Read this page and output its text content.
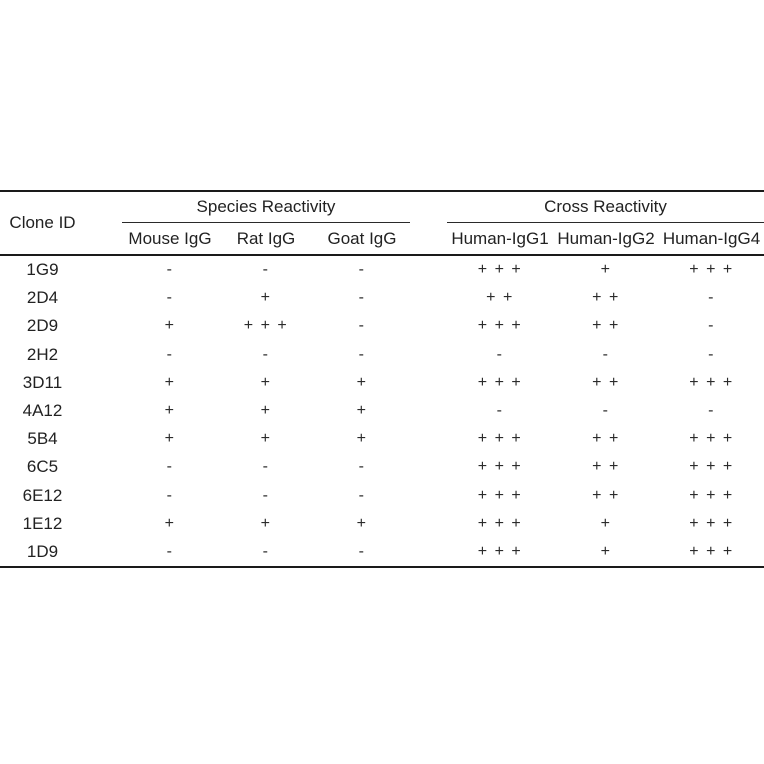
Clone ID		Species Reactivity				Cross Reactivity		
		Mouse IgG	Rat IgG	Goat IgG		Human-IgG1	Human-IgG2	Human-IgG4
1G9		-	-	-		+ + +	+	+ + +
2D4		-	+	-		+ +	+ +	-
2D9		+	+ + +	-		+ + +	+ +	-
2H2		-	-	-		-	-	-
3D11		+	+	+		+ + +	+ +	+ + +
4A12		+	+	+		-	-	-
5B4		+	+	+		+ + +	+ +	+ + +
6C5		-	-	-		+ + +	+ +	+ + +
6E12		-	-	-		+ + +	+ +	+ + +
1E12		+	+	+		+ + +	+	+ + +
1D9		-	-	-		+ + +	+	+ + +
